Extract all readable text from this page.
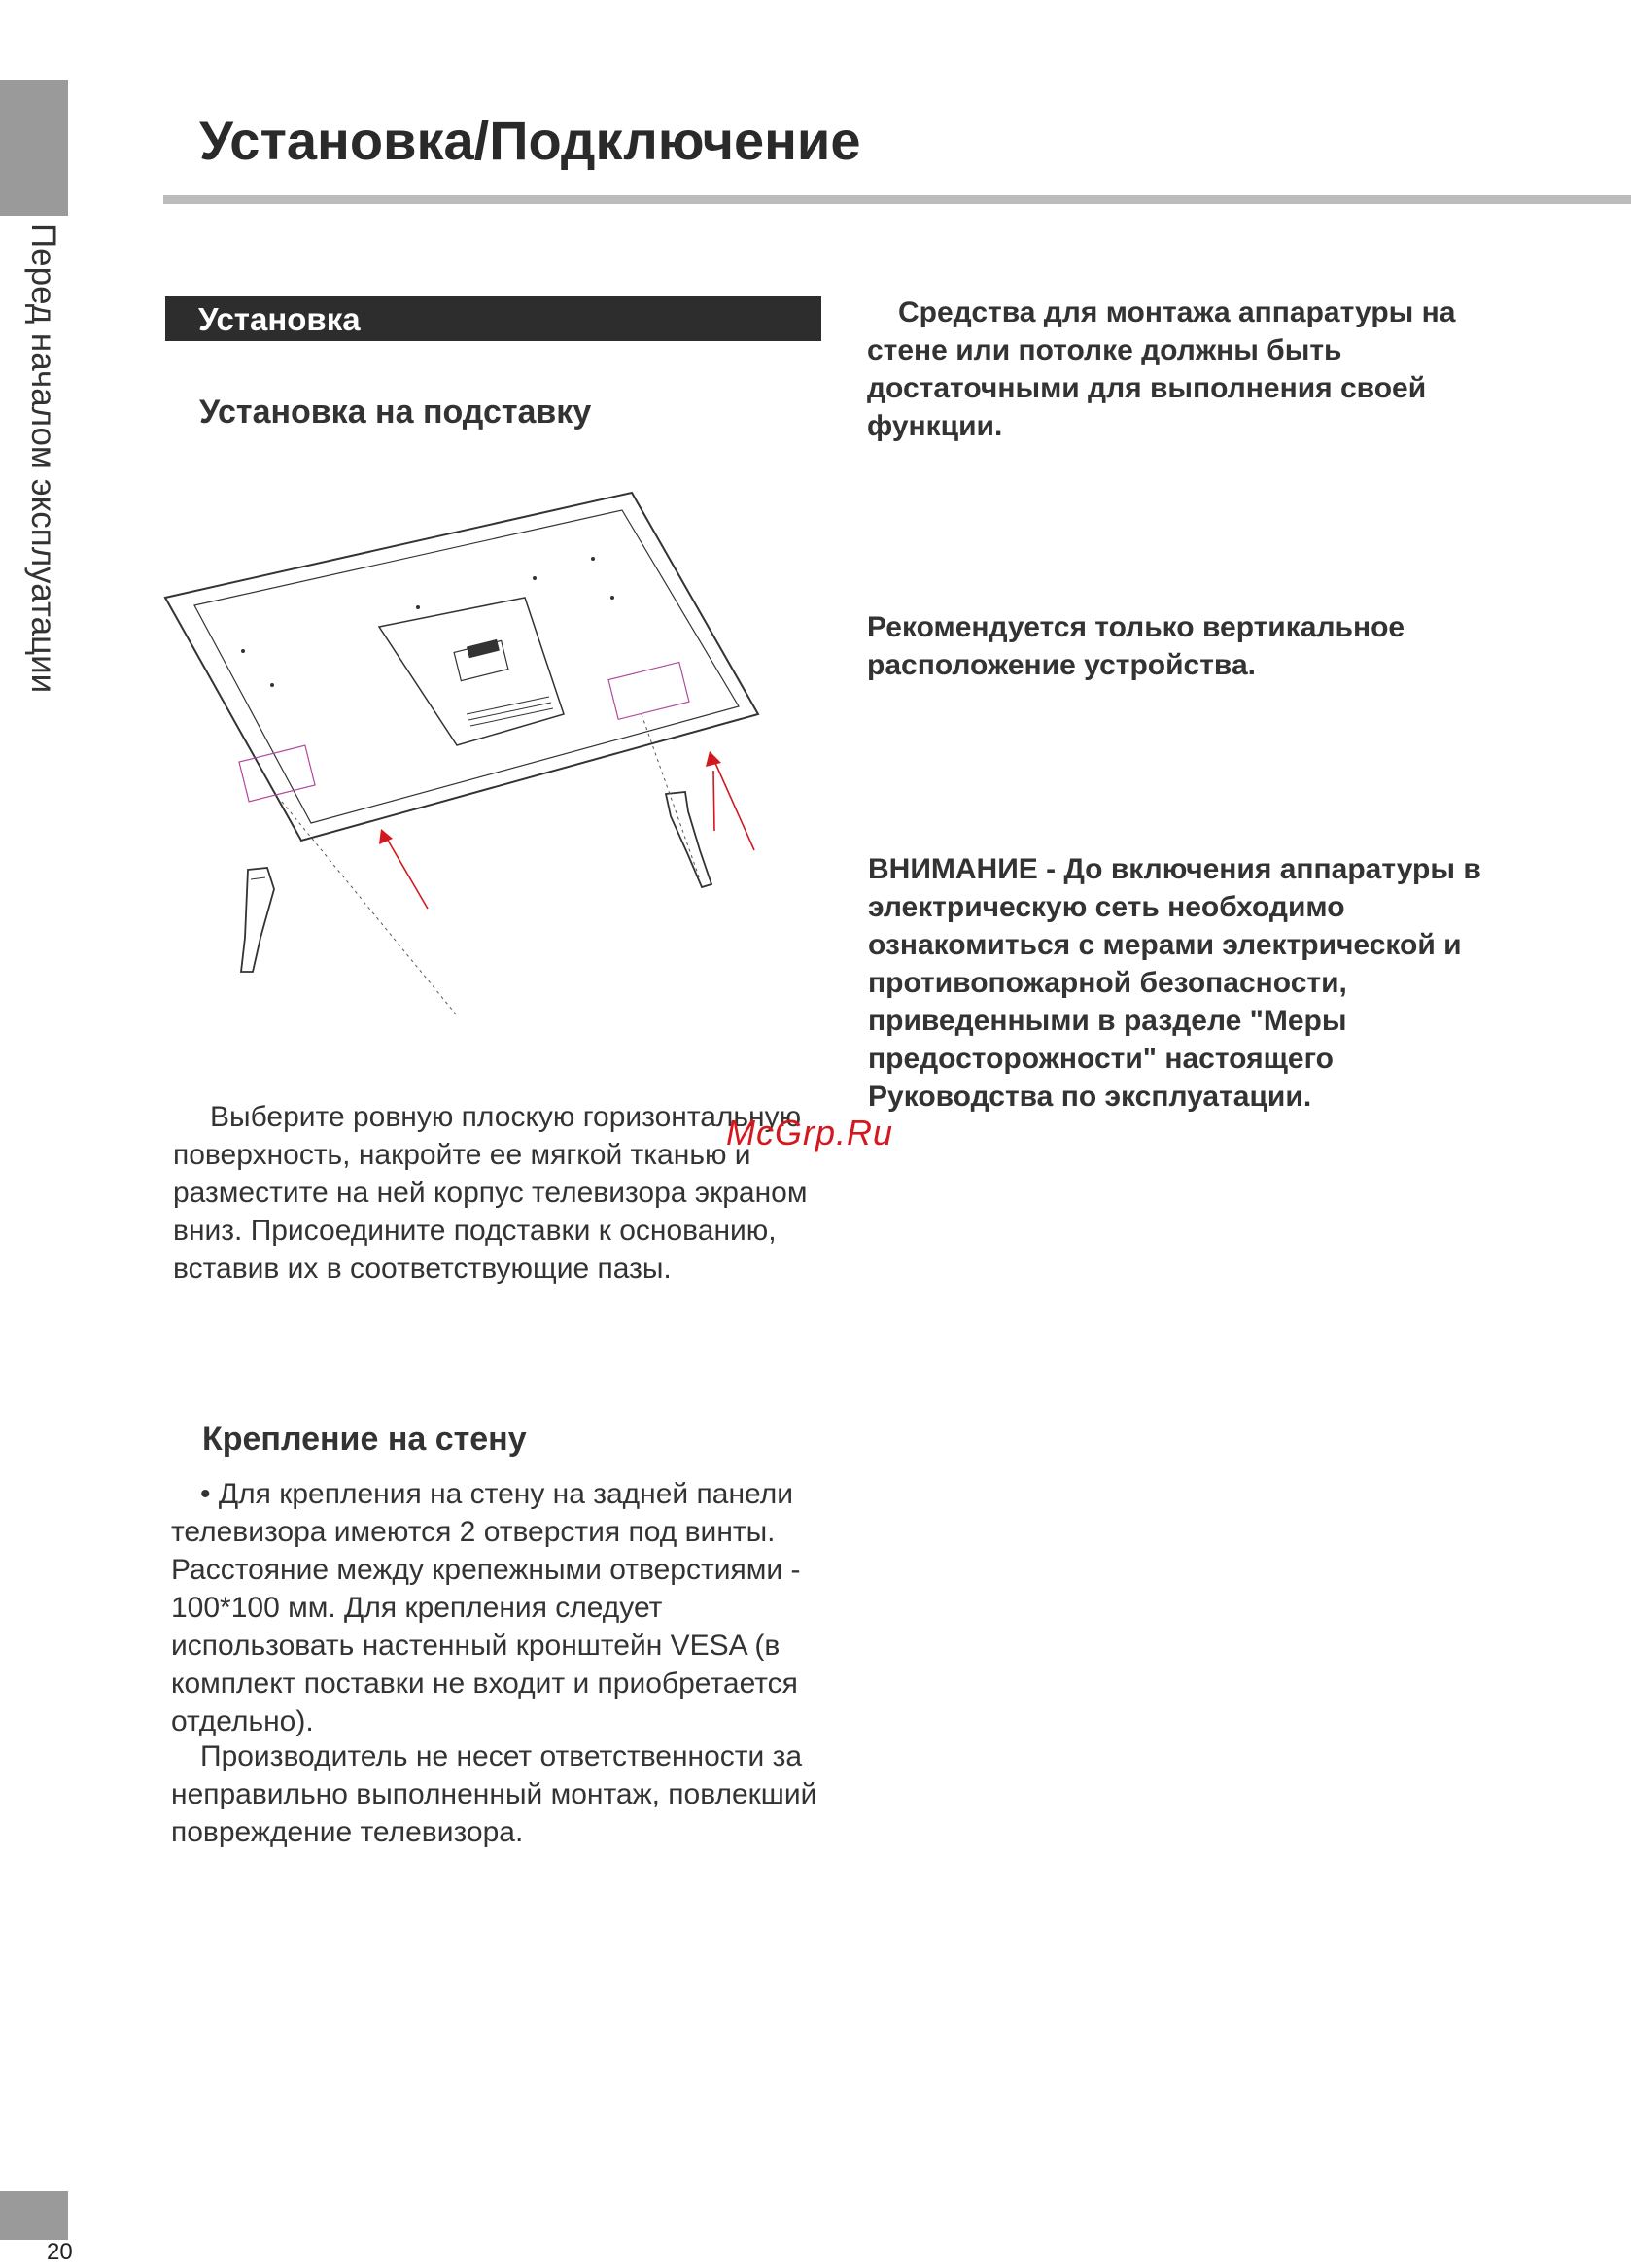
Перед началом эксплуатации
Установка/Подключение
Установка
Установка на подставку

Выберите ровную плоскую горизонтальную поверхность, накройте ее мягкой тканью и разместите на ней корпус телевизора экраном вниз. Присоедините подставки к основанию, вставив их в соответствующие пазы.

McGrp.Ru
Крепление на стену

• Для крепления на стену на задней панели телевизора имеются 2 отверстия под винты. Расстояние между крепежными отверстиями - 100*100 мм. Для крепления следует использовать настенный кронштейн VESA (в комплект поставки не входит и приобретается отдельно).

Производитель не несет ответственности за неправильно выполненный монтаж, повлекший повреждение телевизора.

Средства для монтажа аппаратуры на стене или потолке должны быть достаточными для выполнения своей функции.

Рекомендуется только вертикальное расположение устройства.

ВНИМАНИЕ - До включения аппаратуры в электрическую сеть необходимо ознакомиться с мерами электрической и противопожарной безопасности, приведенными в разделе "Меры предосторожности" настоящего Руководства по эксплуатации.

20
